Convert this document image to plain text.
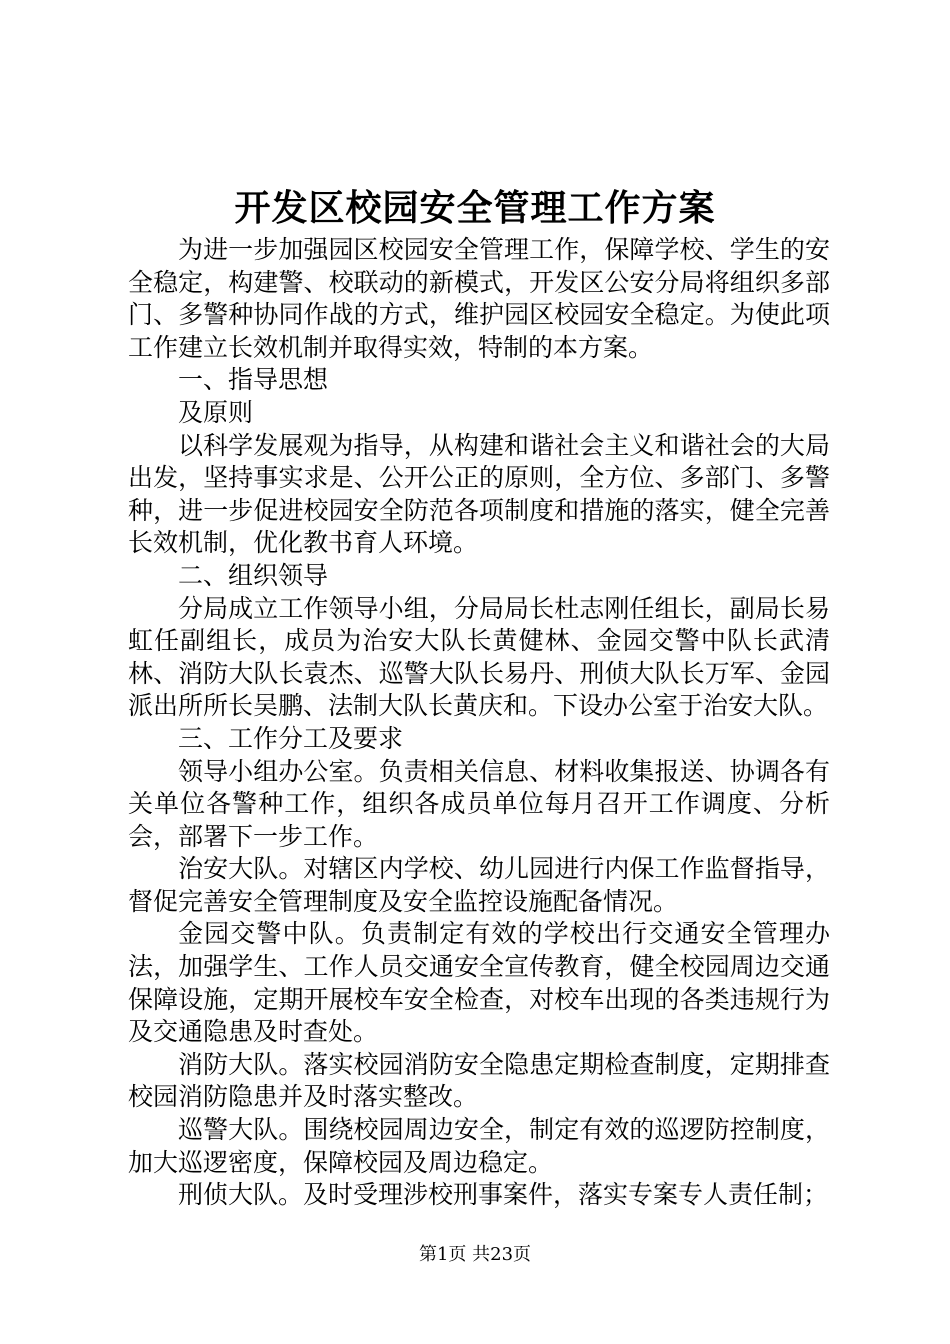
开发区校园安全管理工作方案

为进一步加强园区校园安全管理工作，保障学校、学生的安全稳定，构建警、校联动的新模式，开发区公安分局将组织多部门、多警种协同作战的方式，维护园区校园安全稳定。为使此项工作建立长效机制并取得实效，特制的本方案。

一、指导思想

及原则

以科学发展观为指导，从构建和谐社会主义和谐社会的大局出发，坚持事实求是、公开公正的原则，全方位、多部门、多警种，进一步促进校园安全防范各项制度和措施的落实，健全完善长效机制，优化教书育人环境。

二、组织领导

分局成立工作领导小组，分局局长杜志刚任组长，副局长易虹任副组长，成员为治安大队长黄健林、金园交警中队长武清林、消防大队长袁杰、巡警大队长易丹、刑侦大队长万军、金园派出所所长吴鹏、法制大队长黄庆和。下设办公室于治安大队。

三、工作分工及要求

领导小组办公室。负责相关信息、材料收集报送、协调各有关单位各警种工作，组织各成员单位每月召开工作调度、分析会，部署下一步工作。

治安大队。对辖区内学校、幼儿园进行内保工作监督指导，督促完善安全管理制度及安全监控设施配备情况。

金园交警中队。负责制定有效的学校出行交通安全管理办法，加强学生、工作人员交通安全宣传教育，健全校园周边交通保障设施，定期开展校车安全检查，对校车出现的各类违规行为及交通隐患及时查处。

消防大队。落实校园消防安全隐患定期检查制度，定期排查校园消防隐患并及时落实整改。

巡警大队。围绕校园周边安全，制定有效的巡逻防控制度，加大巡逻密度，保障校园及周边稳定。

刑侦大队。及时受理涉校刑事案件，落实专案专人责任制；

第1页 共23页
